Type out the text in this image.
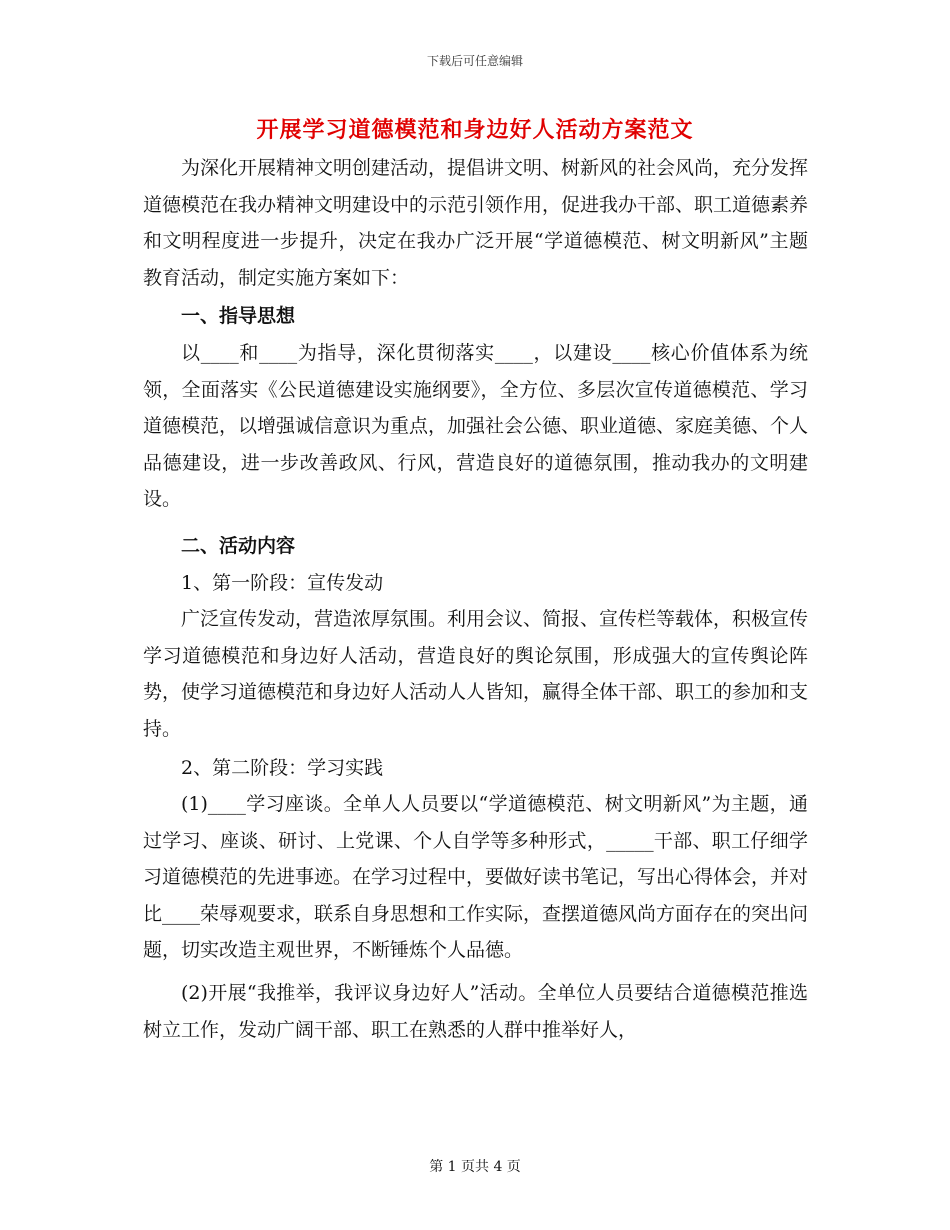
下载后可任意编辑
开展学习道德模范和身边好人活动方案范文

为深化开展精神文明创建活动，提倡讲文明、树新风的社会风尚，充分发挥道德模范在我办精神文明建设中的示范引领作用，促进我办干部、职工道德素养和文明程度进一步提升，决定在我办广泛开展“学道德模范、树文明新风”主题教育活动，制定实施方案如下：

一、指导思想

以____和____为指导，深化贯彻落实____，以建设____核心价值体系为统领，全面落实《公民道德建设实施纲要》，全方位、多层次宣传道德模范、学习道德模范，以增强诚信意识为重点，加强社会公德、职业道德、家庭美德、个人品德建设，进一步改善政风、行风，营造良好的道德氛围，推动我办的文明建设。

二、活动内容

1、第一阶段：宣传发动

广泛宣传发动，营造浓厚氛围。利用会议、简报、宣传栏等载体，积极宣传学习道德模范和身边好人活动，营造良好的舆论氛围，形成强大的宣传舆论阵势，使学习道德模范和身边好人活动人人皆知，赢得全体干部、职工的参加和支持。

2、第二阶段：学习实践

(1)____学习座谈。全单人人员要以“学道德模范、树文明新风”为主题，通过学习、座谈、研讨、上党课、个人自学等多种形式，_____干部、职工仔细学习道德模范的先进事迹。在学习过程中，要做好读书笔记，写出心得体会，并对比____荣辱观要求，联系自身思想和工作实际，查摆道德风尚方面存在的突出问题，切实改造主观世界，不断锤炼个人品德。

(2)开展“我推举，我评议身边好人”活动。全单位人员要结合道德模范推选树立工作，发动广阔干部、职工在熟悉的人群中推举好人，

第 1 页共 4 页
